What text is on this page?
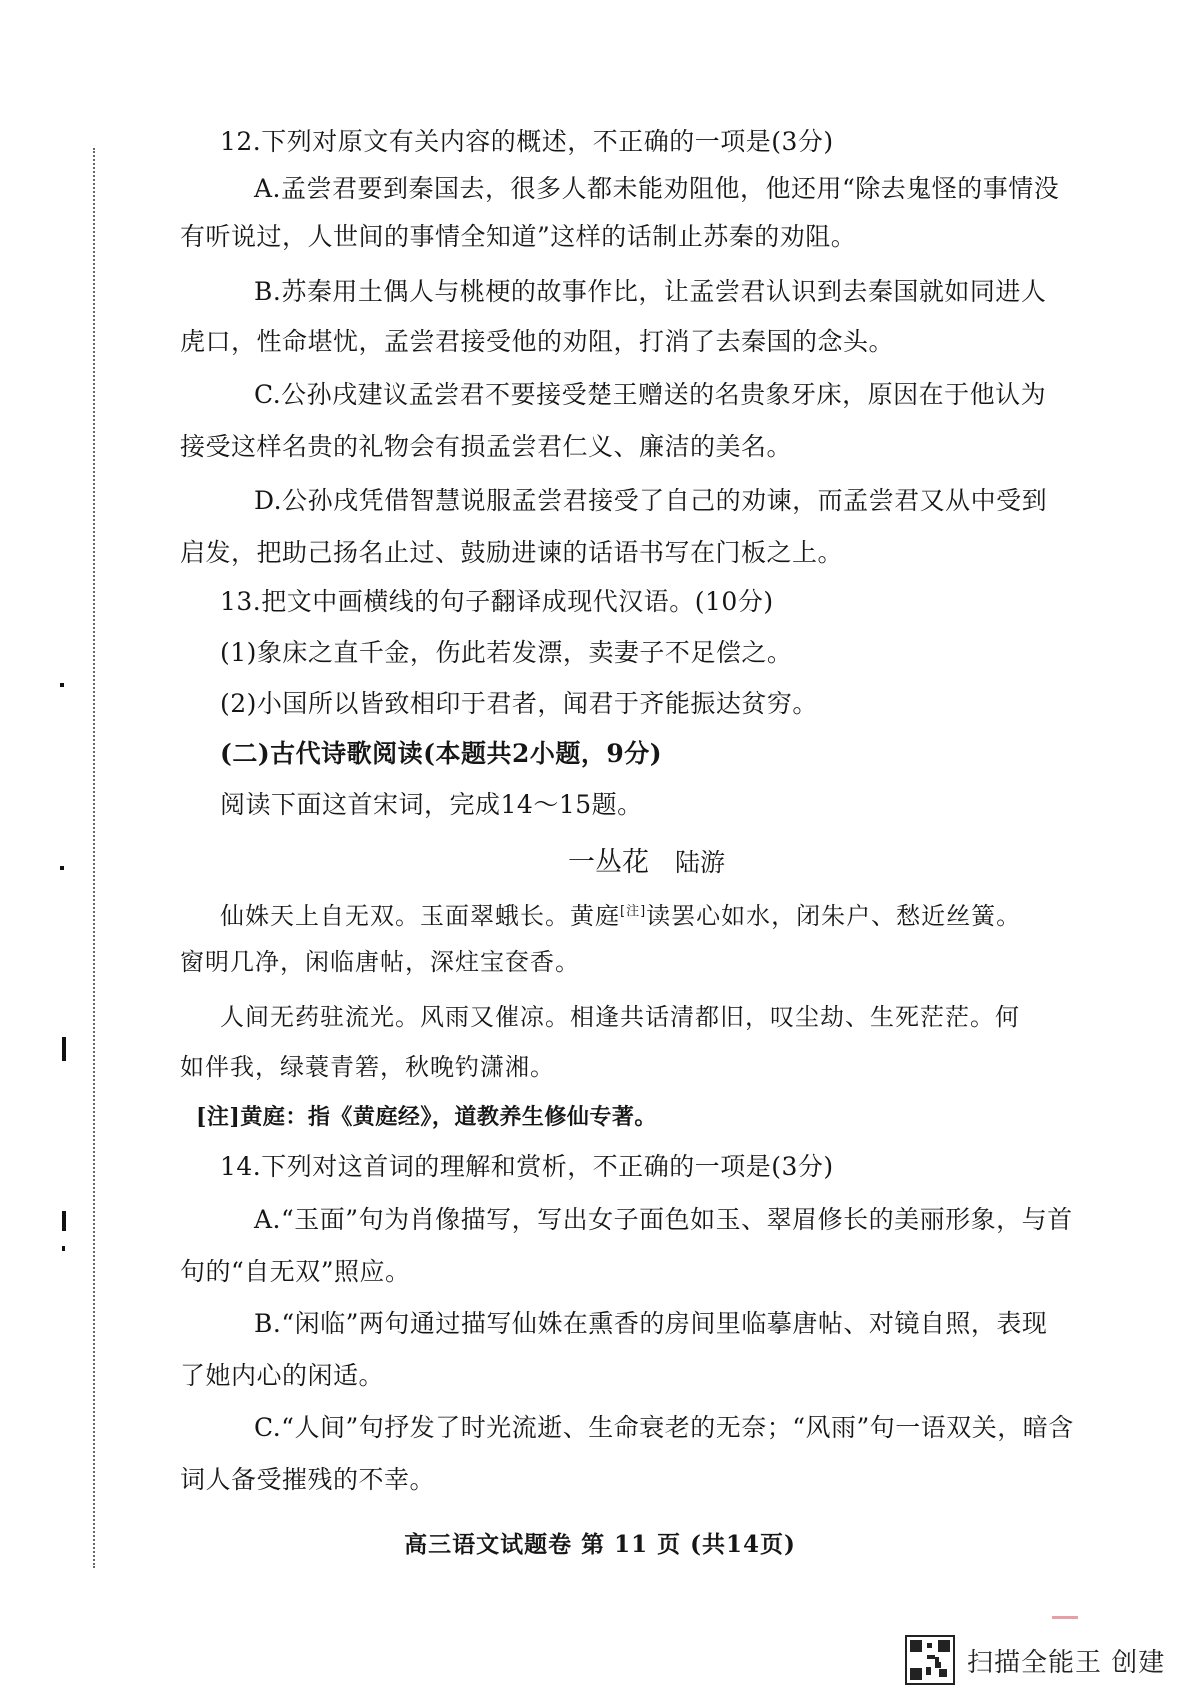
12.下列对原文有关内容的概述，不正确的一项是(3分)
A.孟尝君要到秦国去，很多人都未能劝阻他，他还用“除去鬼怪的事情没
有听说过，人世间的事情全知道”这样的话制止苏秦的劝阻。
B.苏秦用土偶人与桃梗的故事作比，让孟尝君认识到去秦国就如同进人
虎口，性命堪忧，孟尝君接受他的劝阻，打消了去秦国的念头。
C.公孙戌建议孟尝君不要接受楚王赠送的名贵象牙床，原因在于他认为
接受这样名贵的礼物会有损孟尝君仁义、廉洁的美名。
D.公孙戌凭借智慧说服孟尝君接受了自己的劝谏，而孟尝君又从中受到
启发，把助己扬名止过、鼓励进谏的话语书写在门板之上。
13.把文中画横线的句子翻译成现代汉语。(10分)
(1)象床之直千金，伤此若发漂，卖妻子不足偿之。
(2)小国所以皆致相印于君者，闻君于齐能振达贫穷。
(二)古代诗歌阅读(本题共2小题，9分)
阅读下面这首宋词，完成14～15题。
一丛花 陆游
仙姝天上自无双。玉面翠蛾长。黄庭[注]读罢心如水，闭朱户、愁近丝簧。
窗明几净，闲临唐帖，深炷宝奁香。
人间无药驻流光。风雨又催凉。相逢共话清都旧，叹尘劫、生死茫茫。何
如伴我，绿蓑青箬，秋晚钓潇湘。
[注]黄庭：指《黄庭经》，道教养生修仙专著。
14.下列对这首词的理解和赏析，不正确的一项是(3分)
A.“玉面”句为肖像描写，写出女子面色如玉、翠眉修长的美丽形象，与首
句的“自无双”照应。
B.“闲临”两句通过描写仙姝在熏香的房间里临摹唐帖、对镜自照，表现
了她内心的闲适。
C.“人间”句抒发了时光流逝、生命衰老的无奈；“风雨”句一语双关，暗含
词人备受摧残的不幸。
高三语文试题卷 第 11 页 (共14页)
扫描全能王 创建
